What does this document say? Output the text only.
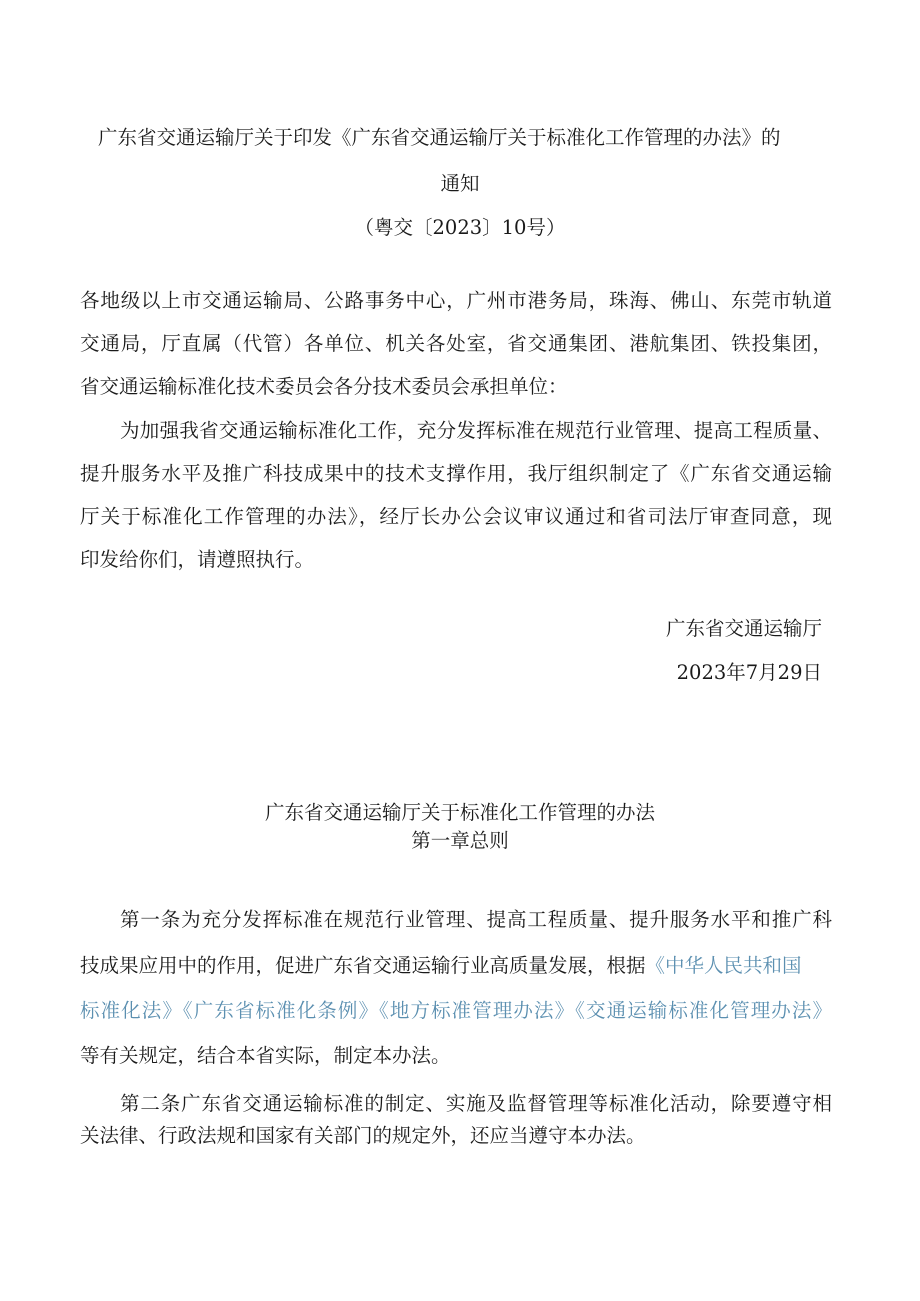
广东省交通运输厅关于印发《广东省交通运输厅关于标准化工作管理的办法》的
通知
（粤交〔2023〕10号）
各地级以上市交通运输局、公路事务中心，广州市港务局，珠海、佛山、东莞市轨道
交通局，厅直属（代管）各单位、机关各处室，省交通集团、港航集团、铁投集团，
省交通运输标准化技术委员会各分技术委员会承担单位：
为加强我省交通运输标准化工作，充分发挥标准在规范行业管理、提高工程质量、
提升服务水平及推广科技成果中的技术支撑作用，我厅组织制定了《广东省交通运输
厅关于标准化工作管理的办法》，经厅长办公会议审议通过和省司法厅审查同意，现
印发给你们，请遵照执行。
广东省交通运输厅
2023年7月29日
广东省交通运输厅关于标准化工作管理的办法
第一章总则
第一条为充分发挥标准在规范行业管理、提高工程质量、提升服务水平和推广科
技成果应用中的作用，促进广东省交通运输行业高质量发展，根据《中华人民共和国
标准化法》《广东省标准化条例》《地方标准管理办法》《交通运输标准化管理办法》
等有关规定，结合本省实际，制定本办法。
第二条广东省交通运输标准的制定、实施及监督管理等标准化活动，除要遵守相
关法律、行政法规和国家有关部门的规定外，还应当遵守本办法。
